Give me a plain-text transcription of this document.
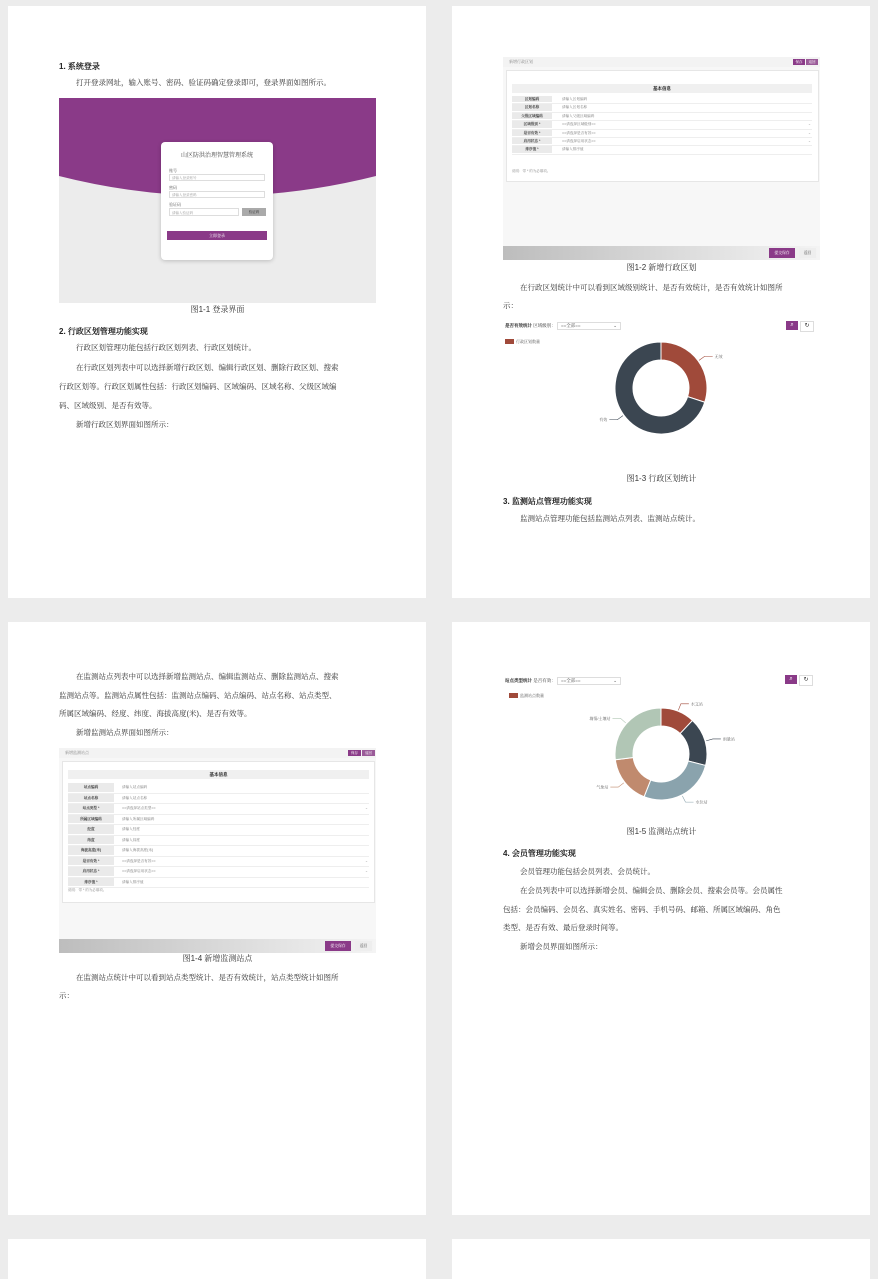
1. 系统登录
打开登录网址，输入账号、密码、验证码确定登录即可，登录界面如图所示。
山区防洪治理智慧管理系统
账号
请输入登录账号
密码
请输入登录密码
验证码
请输入验证码	验证码
立即登录
图1-1 登录界面
2. 行政区划管理功能实现
行政区划管理功能包括行政区划列表、行政区划统计。
在行政区划列表中可以选择新增行政区划、编辑行政区划、删除行政区划、搜索
行政区划等。行政区划属性包括：行政区划编码、区域编码、区域名称、父级区域编
码、区域级别、是否有效等。
新增行政区划界面如图所示：
新增行政区划	保存	返回
基本信息
区划编码	请输入区划编码
区划名称	请输入区划名称
父级区域编码	请输入父级区域编码
区域级别 *	==请选择区域级别==	⌄
是否有效 *	==请选择是否有效==	⌄
启用状态 *	==请选择启用状态==	⌄
排序值 *	请输入排序值
说明：带 * 的为必填项。
提交保存	返回
图1-2 新增行政区划
在行政区划统计中可以看到区域级别统计、是否有效统计，是否有效统计如图所
示：
是否有效统计 区域级别： ==全部==	⌄	⌕	↻
行政区划数量
无效
有效
图1-3 行政区划统计
3. 监测站点管理功能实现
监测站点管理功能包括监测站点列表、监测站点统计。
在监测站点列表中可以选择新增监测站点、编辑监测站点、删除监测站点、搜索
监测站点等。监测站点属性包括：监测站点编码、站点编码、站点名称、站点类型、
所属区域编码、经度、纬度、海拔高度(米)、是否有效等。
新增监测站点界面如图所示：
新增监测站点	保存	返回
基本信息
站点编码	请输入站点编码
站点名称	请输入站点名称
站点类型 *	==请选择站点类型==	⌄
所属区域编码	请输入所属区域编码
经度	请输入经度
纬度	请输入纬度
海拔高度(米)	请输入海拔高度(米)
是否有效 *	==请选择是否有效==	⌄
启用状态 *	==请选择启用状态==	⌄
排序值 *	请输入排序值
说明：带 * 的为必填项。
提交保存	返回
图1-4 新增监测站点
在监测站点统计中可以看到站点类型统计、是否有效统计，站点类型统计如图所
示：
站点类型统计 是否有效： ==全部==	⌄	⌕	↻
监测站点数量
水文站
雨量站
水位站
气象站
墒情/土壤站
图1-5 监测站点统计
4. 会员管理功能实现
会员管理功能包括会员列表、会员统计。
在会员列表中可以选择新增会员、编辑会员、删除会员、搜索会员等。会员属性
包括：会员编码、会员名、真实姓名、密码、手机号码、邮箱、所属区域编码、角色
类型、是否有效、最后登录时间等。
新增会员界面如图所示：
